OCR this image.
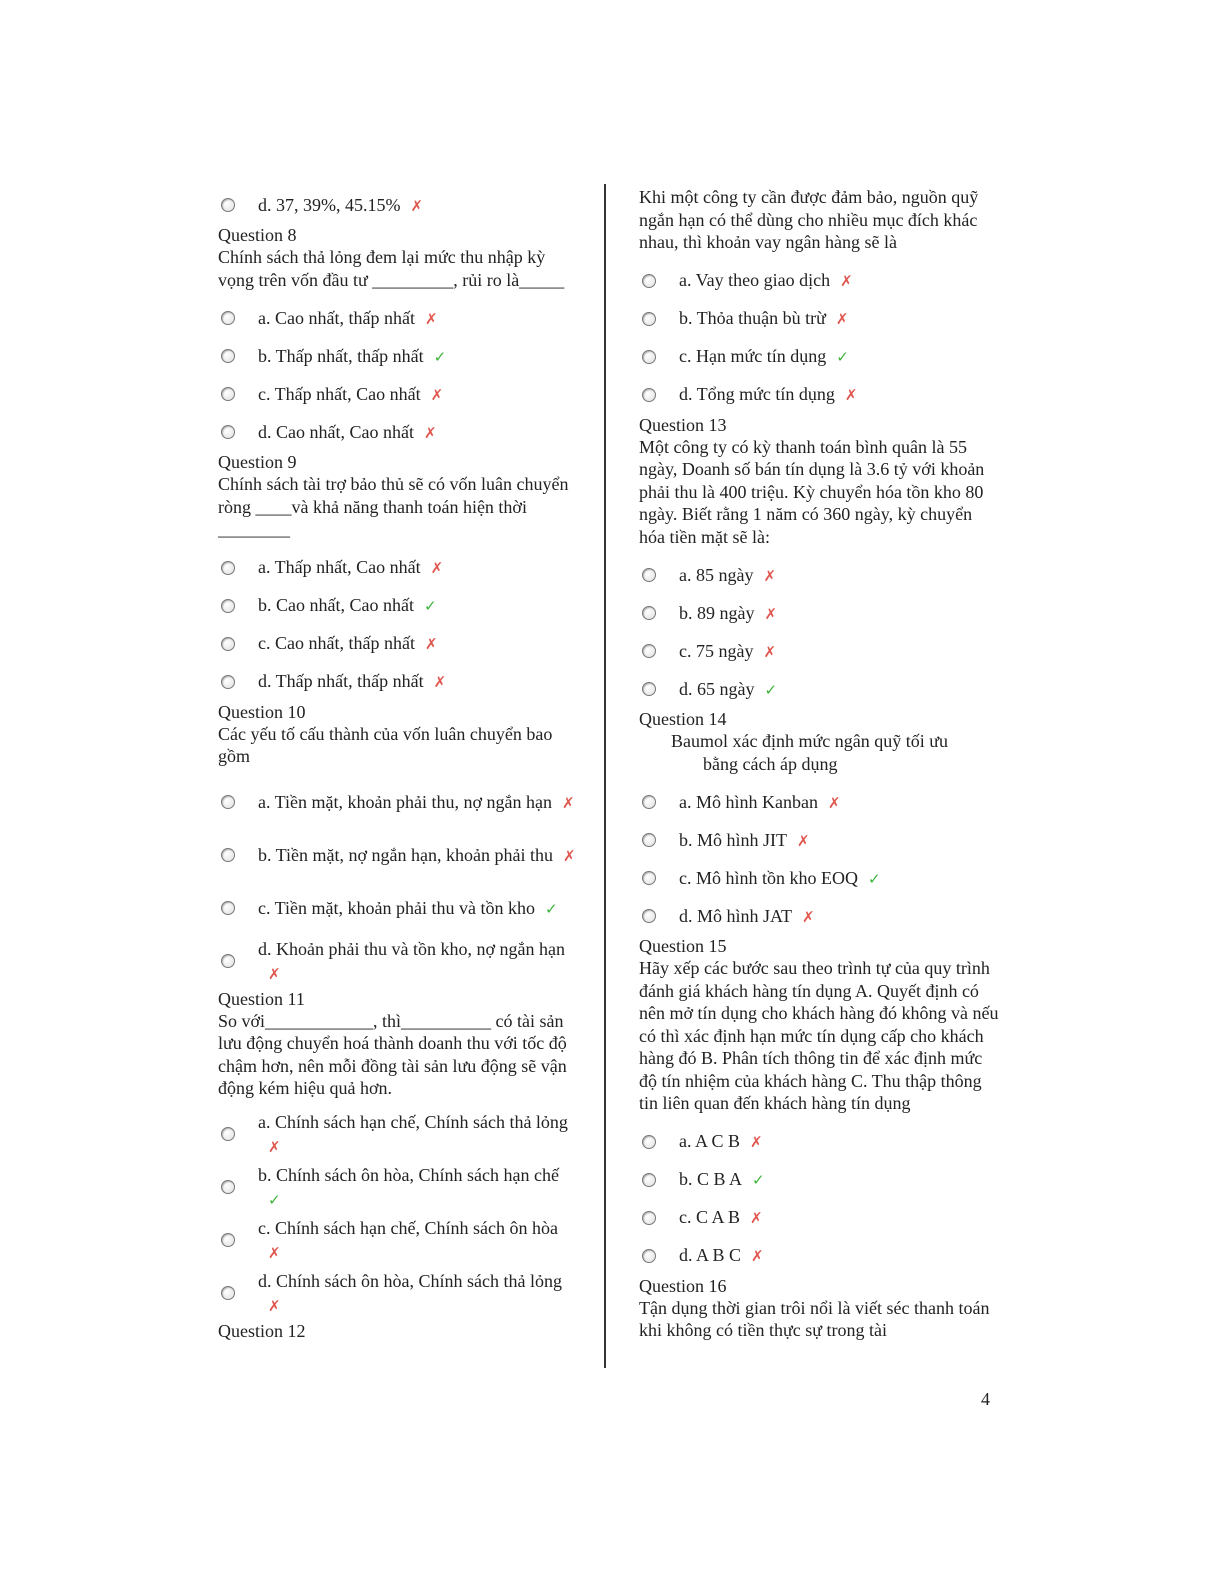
d. 37, 39%, 45.15% ✗
Question 8
Chính sách thả lỏng đem lại mức thu nhập kỳ vọng trên vốn đầu tư _________, rủi ro là_____
a. Cao nhất, thấp nhất ✗
b. Thấp nhất, thấp nhất ✓
c. Thấp nhất, Cao nhất ✗
d. Cao nhất, Cao nhất ✗
Question 9
Chính sách tài trợ bảo thủ sẽ có vốn luân chuyển ròng ____và khả năng thanh toán hiện thời ________
a. Thấp nhất, Cao nhất ✗
b. Cao nhất, Cao nhất ✓
c. Cao nhất, thấp nhất ✗
d. Thấp nhất, thấp nhất ✗
Question 10
Các yếu tố cấu thành của vốn luân chuyển bao gồm
a. Tiền mặt, khoản phải thu, nợ ngắn hạn ✗
b. Tiền mặt, nợ ngắn hạn, khoản phải thu ✗
c. Tiền mặt, khoản phải thu và tồn kho ✓
d. Khoản phải thu và tồn kho, nợ ngắn hạn✗
Question 11
So với____________, thì__________ có tài sản lưu động chuyển hoá thành doanh thu với tốc độ chậm hơn, nên mỗi đồng tài sản lưu động sẽ vận động kém hiệu quả hơn.
a. Chính sách hạn chế, Chính sách thả lỏng✗
b. Chính sách ôn hòa, Chính sách hạn chế✓
c. Chính sách hạn chế, Chính sách ôn hòa✗
d. Chính sách ôn hòa, Chính sách thả lỏng✗
Question 12
Khi một công ty cần được đảm bảo, nguồn quỹ ngắn hạn có thể dùng cho nhiều mục đích khác nhau, thì khoản vay ngân hàng sẽ là
a. Vay theo giao dịch ✗
b. Thỏa thuận bù trừ ✗
c. Hạn mức tín dụng ✓
d. Tổng mức tín dụng ✗
Question 13
Một công ty có kỳ thanh toán bình quân là 55 ngày, Doanh số bán tín dụng là 3.6 tỷ với khoản phải thu là 400 triệu. Kỳ chuyển hóa tồn kho 80 ngày. Biết rằng 1 năm có 360 ngày, kỳ chuyển hóa tiền mặt sẽ là:
a. 85 ngày ✗
b. 89 ngày ✗
c. 75 ngày ✗
d. 65 ngày ✓
Question 14
Baumol xác định mức ngân quỹ tối ưu
bằng cách áp dụng
a. Mô hình Kanban ✗
b. Mô hình JIT ✗
c. Mô hình tồn kho EOQ ✓
d. Mô hình JAT ✗
Question 15
Hãy xếp các bước sau theo trình tự của quy trình đánh giá khách hàng tín dụng A. Quyết định có nên mở tín dụng cho khách hàng đó không và nếu có thì xác định hạn mức tín dụng cấp cho khách hàng đó B. Phân tích thông tin để xác định mức độ tín nhiệm của khách hàng C. Thu thập thông tin liên quan đến khách hàng tín dụng
a. A C B ✗
b. C B A ✓
c. C A B ✗
d. A B C ✗
Question 16
Tận dụng thời gian trôi nổi là viết séc thanh toán khi không có tiền thực sự trong tài
4
